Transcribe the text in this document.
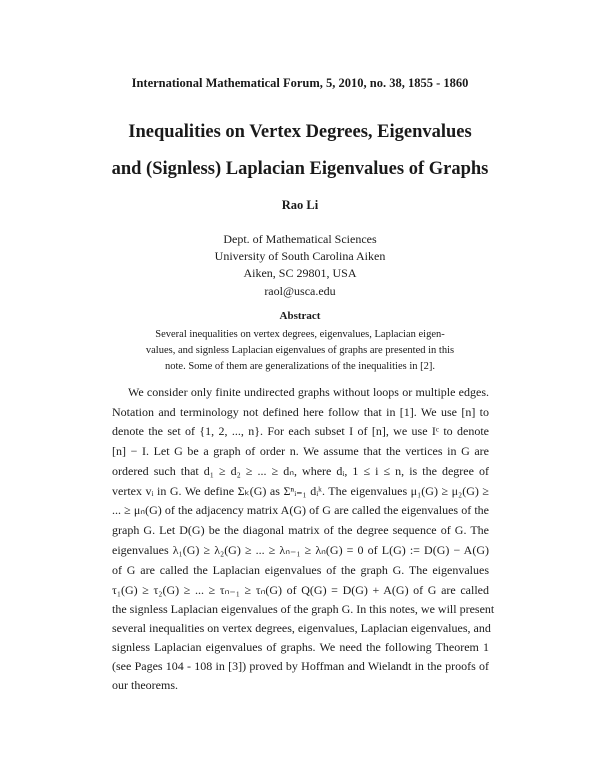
International Mathematical Forum, 5, 2010, no. 38, 1855 - 1860
Inequalities on Vertex Degrees, Eigenvalues
and (Signless) Laplacian Eigenvalues of Graphs
Rao Li
Dept. of Mathematical Sciences
University of South Carolina Aiken
Aiken, SC 29801, USA
raol@usca.edu
Abstract
Several inequalities on vertex degrees, eigenvalues, Laplacian eigen-
values, and signless Laplacian eigenvalues of graphs are presented in this
note. Some of them are generalizations of the inequalities in [2].
We consider only finite undirected graphs without loops or multiple edges.
Notation and terminology not defined here follow that in [1]. We use [n] to
denote the set of {1, 2, ..., n}. For each subset I of [n], we use Iᶜ to denote
[n] − I. Let G be a graph of order n. We assume that the vertices in G are
ordered such that d₁ ≥ d₂ ≥ ... ≥ dₙ, where dᵢ, 1 ≤ i ≤ n, is the degree of
vertex vᵢ in G. We define Σₖ(G) as Σⁿᵢ₌₁ dᵢᵏ. The eigenvalues μ₁(G) ≥ μ₂(G) ≥
... ≥ μₙ(G) of the adjacency matrix A(G) of G are called the eigenvalues of the
graph G. Let D(G) be the diagonal matrix of the degree sequence of G. The
eigenvalues λ₁(G) ≥ λ₂(G) ≥ ... ≥ λₙ₋₁ ≥ λₙ(G) = 0 of L(G) := D(G) − A(G)
of G are called the Laplacian eigenvalues of the graph G. The eigenvalues
τ₁(G) ≥ τ₂(G) ≥ ... ≥ τₙ₋₁ ≥ τₙ(G) of Q(G) = D(G) + A(G) of G are called
the signless Laplacian eigenvalues of the graph G. In this notes, we will present
several inequalities on vertex degrees, eigenvalues, Laplacian eigenvalues, and
signless Laplacian eigenvalues of graphs. We need the following Theorem 1
(see Pages 104 - 108 in [3]) proved by Hoffman and Wielandt in the proofs of
our theorems.
